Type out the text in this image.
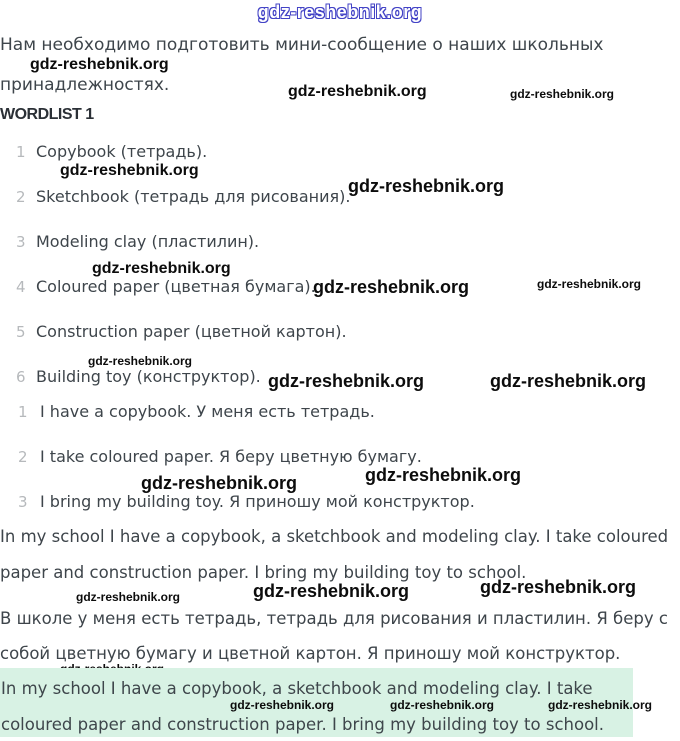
gdz-reshebnik.org
Нам необходимо подготовить мини-сообщение о наших школьных
принадлежностях.
gdz-reshebnik.org
gdz-reshebnik.org	gdz-reshebnik.org
WORDLIST 1
1 Copybook (тетрадь).
gdz-reshebnik.org
2 Sketchbook (тетрадь для рисования).
gdz-reshebnik.org
3 Modeling clay (пластилин).
gdz-reshebnik.org
4 Coloured paper (цветная бумага).
gdz-reshebnik.org	gdz-reshebnik.org
5 Construction paper (цветной картон).
gdz-reshebnik.org
6 Building toy (конструктор). gdz-reshebnik.org	gdz-reshebnik.org
1 I have a copybook. У меня есть тетрадь.
2 I take coloured paper. Я беру цветную бумагу.
gdz-reshebnik.org	gdz-reshebnik.org
3 I bring my building toy. Я приношу мой конструктор.
In my school I have a copybook, a sketchbook and modeling clay. I take coloured
paper and construction paper. I bring my building toy to school.
gdz-reshebnik.org	gdz-reshebnik.org	gdz-reshebnik.org
В школе у меня есть тетрадь, тетрадь для рисования и пластилин. Я беру с
собой цветную бумагу и цветной картон. Я приношу мой конструктор.
In my school I have a copybook, a sketchbook and modeling clay. I take
gdz-reshebnik.org	gdz-reshebnik.org	gdz-reshebnik.org
coloured paper and construction paper. I bring my building toy to school.
